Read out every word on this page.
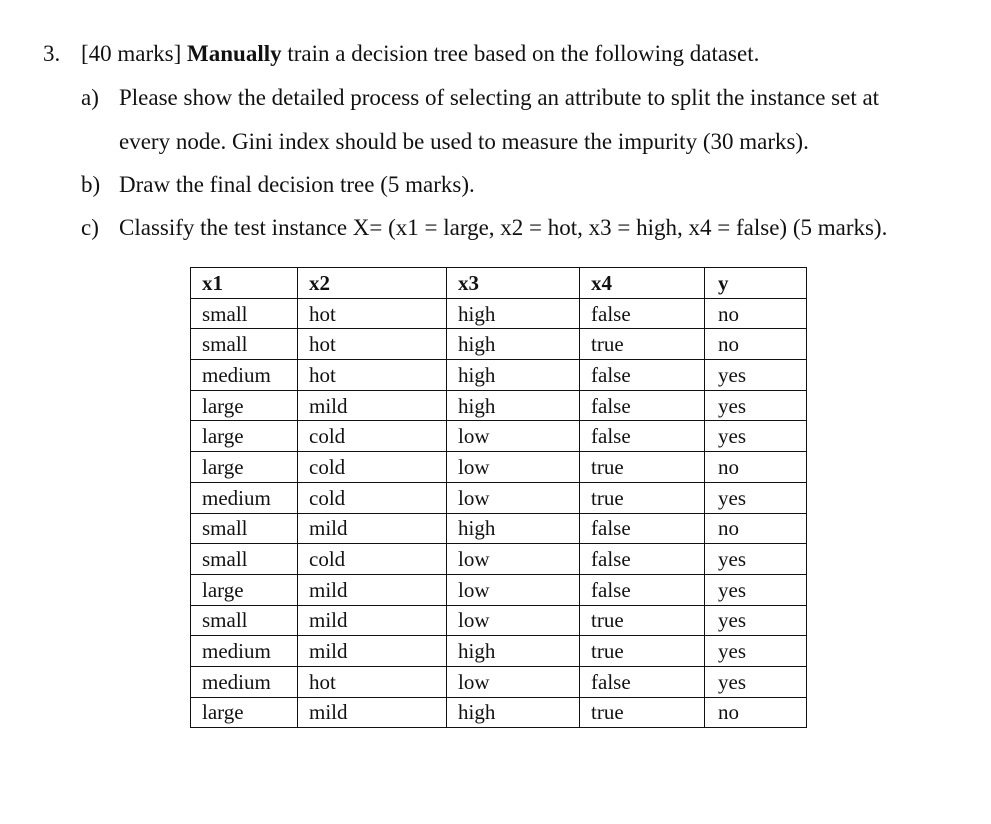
3. [40 marks] Manually train a decision tree based on the following dataset.
a) Please show the detailed process of selecting an attribute to split the instance set at
every node. Gini index should be used to measure the impurity (30 marks).
b) Draw the final decision tree (5 marks).
c) Classify the test instance X= (x1 = large, x2 = hot, x3 = high, x4 = false) (5 marks).
x1	x2	x3	x4	y
small	hot	high	false	no
small	hot	high	true	no
medium	hot	high	false	yes
large	mild	high	false	yes
large	cold	low	false	yes
large	cold	low	true	no
medium	cold	low	true	yes
small	mild	high	false	no
small	cold	low	false	yes
large	mild	low	false	yes
small	mild	low	true	yes
medium	mild	high	true	yes
medium	hot	low	false	yes
large	mild	high	true	no
